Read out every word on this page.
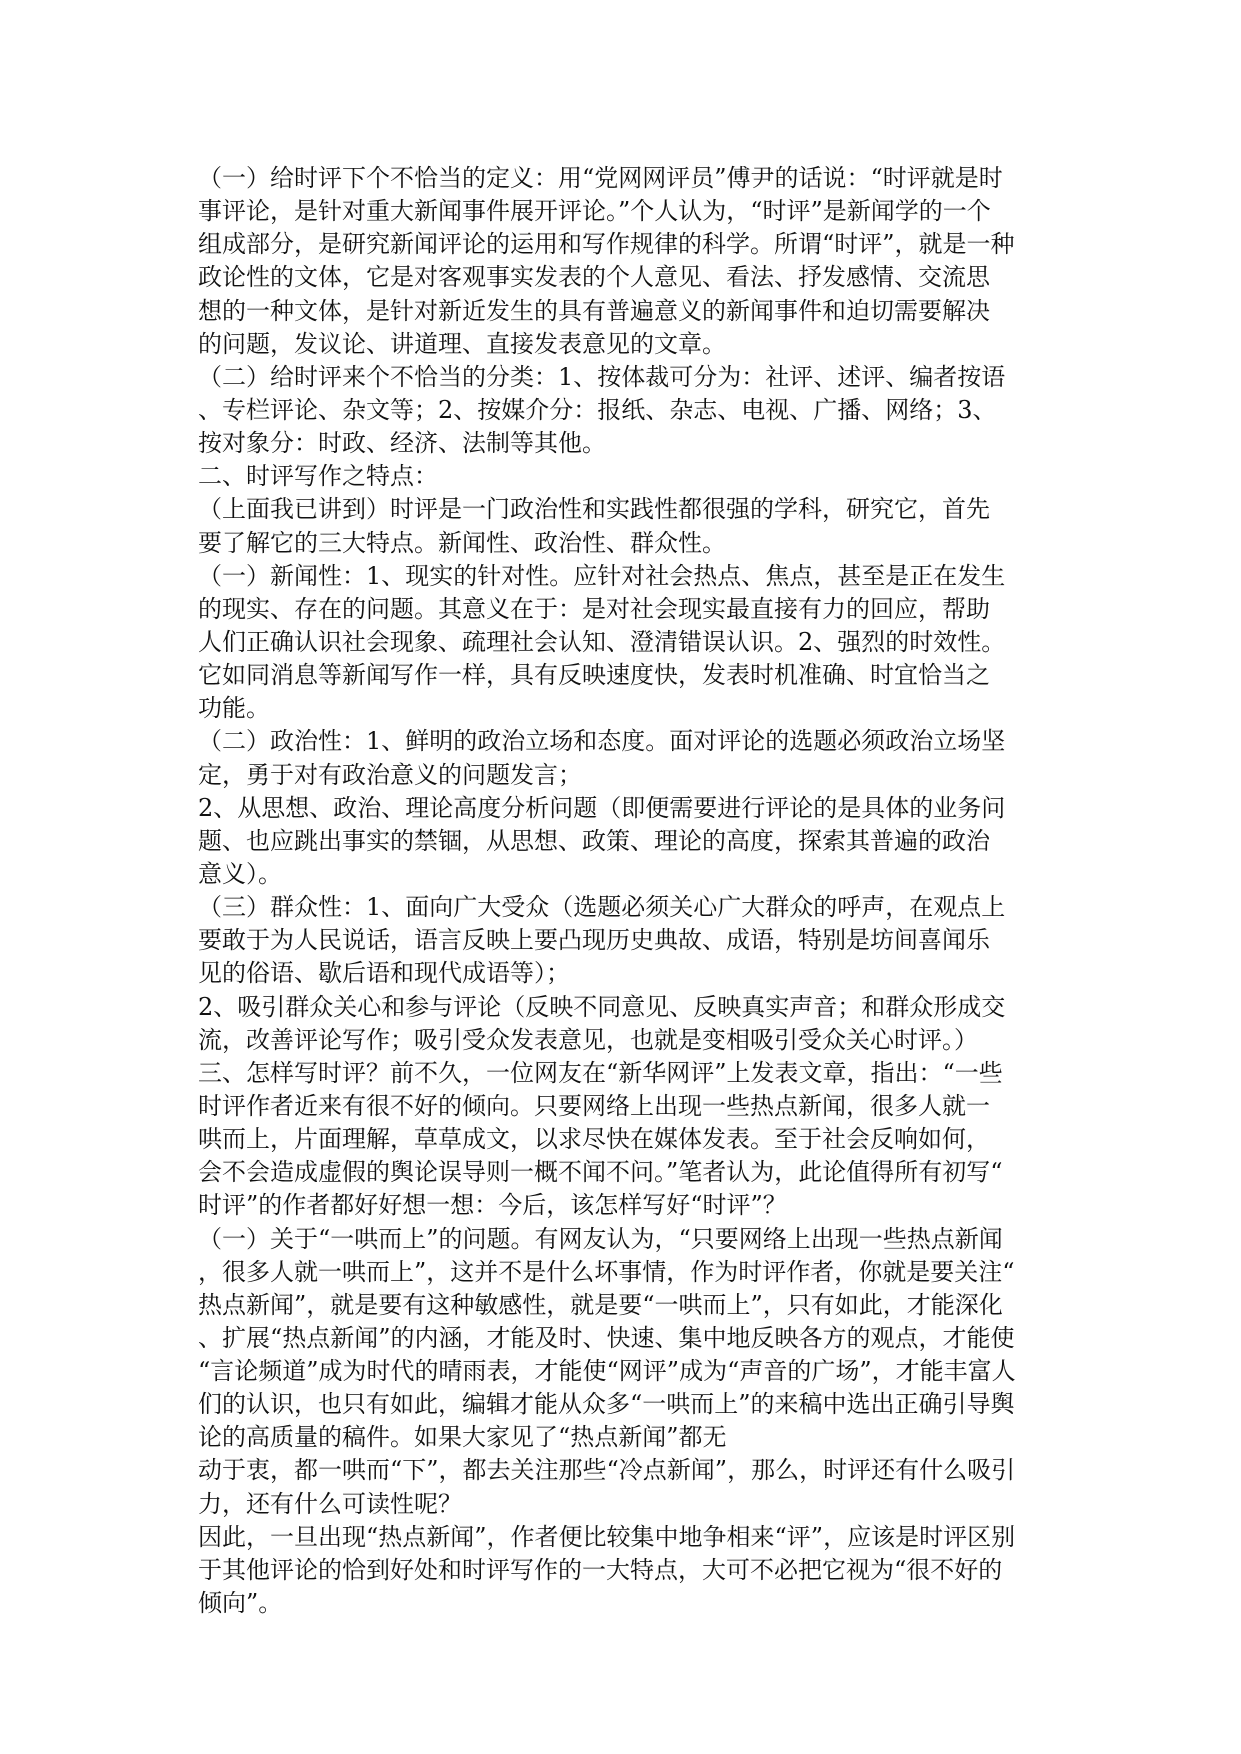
（一）给时评下个不恰当的定义：用“党网网评员”傅尹的话说：“时评就是时
事评论，是针对重大新闻事件展开评论。”个人认为，“时评”是新闻学的一个
组成部分，是研究新闻评论的运用和写作规律的科学。所谓“时评”，就是一种
政论性的文体，它是对客观事实发表的个人意见、看法、抒发感情、交流思
想的一种文体，是针对新近发生的具有普遍意义的新闻事件和迫切需要解决
的问题，发议论、讲道理、直接发表意见的文章。
（二）给时评来个不恰当的分类：1、按体裁可分为：社评、述评、编者按语
、专栏评论、杂文等；2、按媒介分：报纸、杂志、电视、广播、网络；3、
按对象分：时政、经济、法制等其他。
二、时评写作之特点：
（上面我已讲到）时评是一门政治性和实践性都很强的学科，研究它，首先
要了解它的三大特点。新闻性、政治性、群众性。
（一）新闻性：1、现实的针对性。应针对社会热点、焦点，甚至是正在发生
的现实、存在的问题。其意义在于：是对社会现实最直接有力的回应，帮助
人们正确认识社会现象、疏理社会认知、澄清错误认识。2、强烈的时效性。
它如同消息等新闻写作一样，具有反映速度快，发表时机准确、时宜恰当之
功能。
（二）政治性：1、鲜明的政治立场和态度。面对评论的选题必须政治立场坚
定，勇于对有政治意义的问题发言；
2、从思想、政治、理论高度分析问题（即便需要进行评论的是具体的业务问
题、也应跳出事实的禁锢，从思想、政策、理论的高度，探索其普遍的政治
意义）。
（三）群众性：1、面向广大受众（选题必须关心广大群众的呼声，在观点上
要敢于为人民说话，语言反映上要凸现历史典故、成语，特别是坊间喜闻乐
见的俗语、歇后语和现代成语等）；
2、吸引群众关心和参与评论（反映不同意见、反映真实声音；和群众形成交
流，改善评论写作；吸引受众发表意见，也就是变相吸引受众关心时评。）
三、怎样写时评？前不久，一位网友在“新华网评”上发表文章，指出：“一些
时评作者近来有很不好的倾向。只要网络上出现一些热点新闻，很多人就一
哄而上，片面理解，草草成文，以求尽快在媒体发表。至于社会反响如何，
会不会造成虚假的舆论误导则一概不闻不问。”笔者认为，此论值得所有初写“
时评”的作者都好好想一想：今后，该怎样写好“时评”？
（一）关于“一哄而上”的问题。有网友认为，“只要网络上出现一些热点新闻
，很多人就一哄而上”，这并不是什么坏事情，作为时评作者，你就是要关注“
热点新闻”，就是要有这种敏感性，就是要“一哄而上”，只有如此，才能深化
、扩展“热点新闻”的内涵，才能及时、快速、集中地反映各方的观点，才能使
“言论频道”成为时代的晴雨表，才能使“网评”成为“声音的广场”，才能丰富人
们的认识，也只有如此，编辑才能从众多“一哄而上”的来稿中选出正确引导舆
论的高质量的稿件。如果大家见了“热点新闻”都无
动于衷，都一哄而“下”，都去关注那些“冷点新闻”，那么，时评还有什么吸引
力，还有什么可读性呢？
因此，一旦出现“热点新闻”，作者便比较集中地争相来“评”，应该是时评区别
于其他评论的恰到好处和时评写作的一大特点，大可不必把它视为“很不好的
倾向”。
